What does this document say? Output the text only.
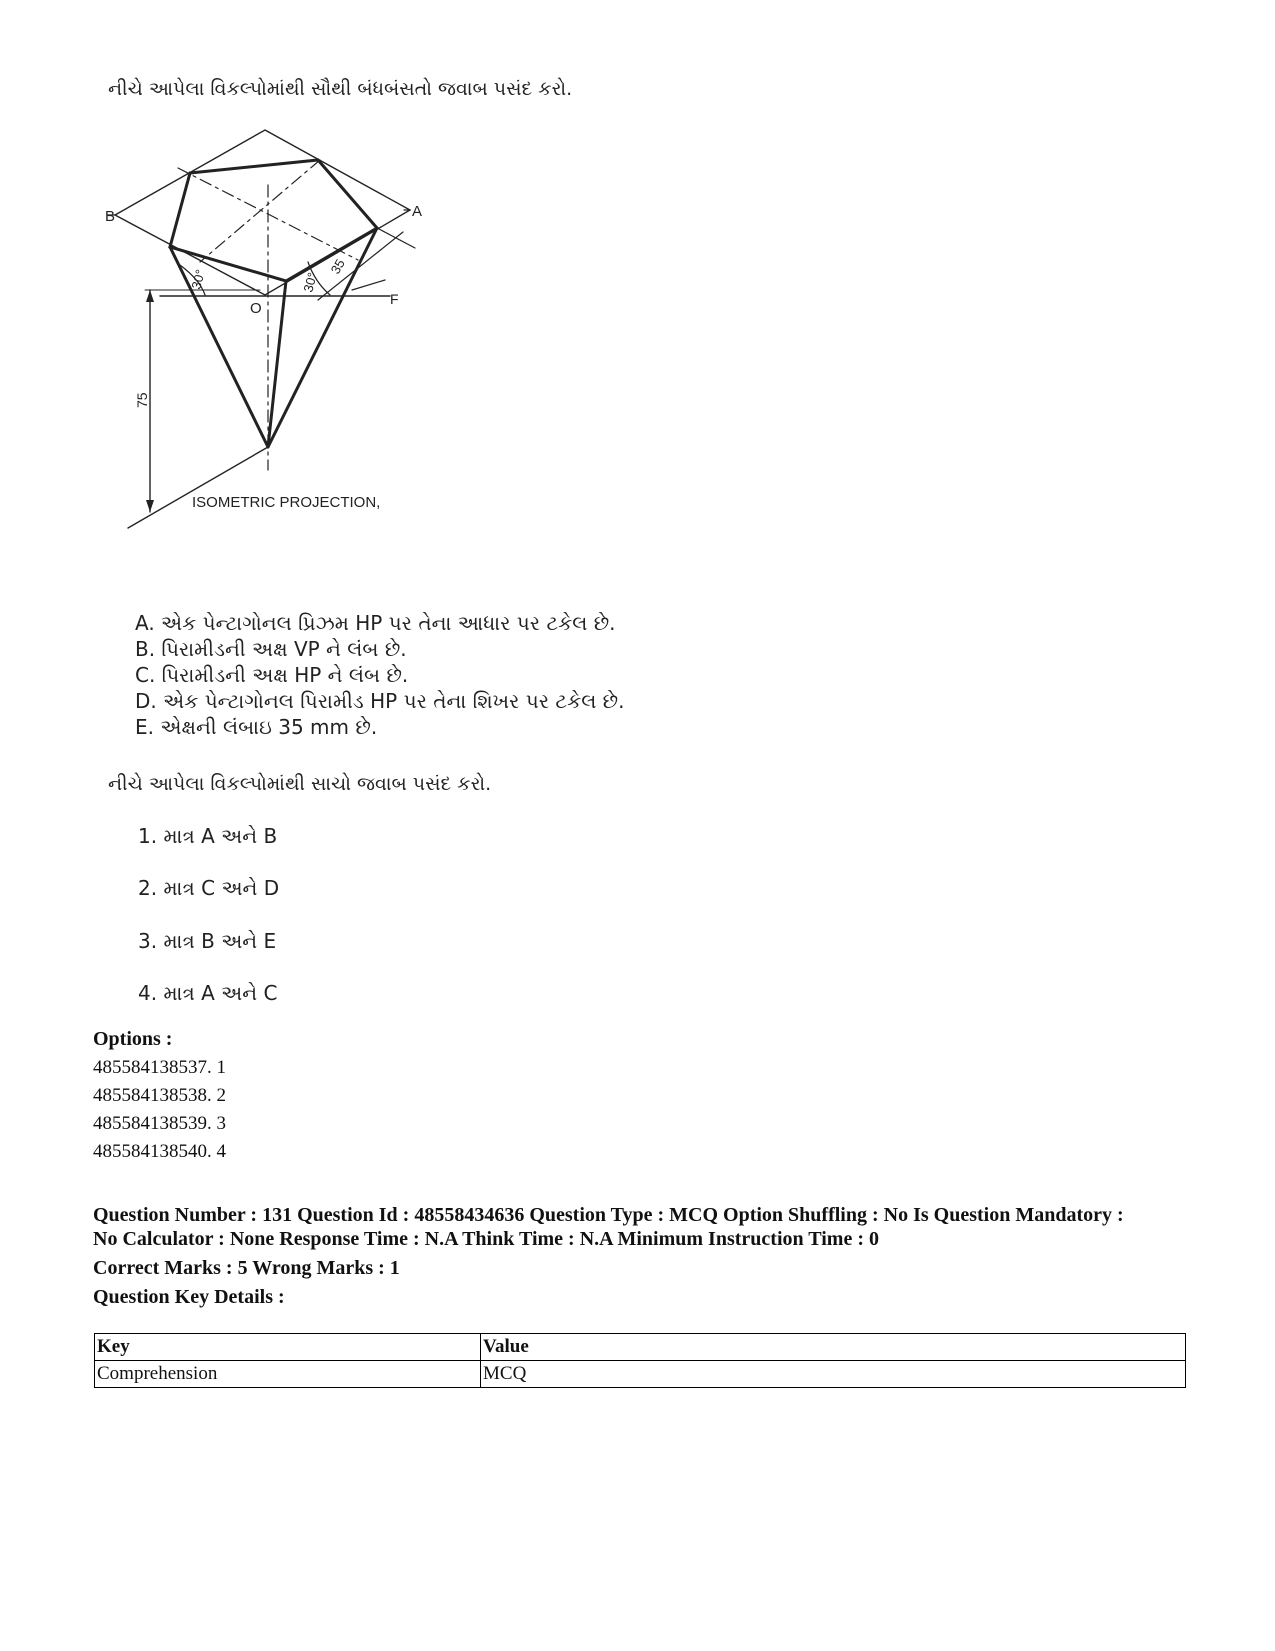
નીચે આપેલા વિકલ્પોમાંથી સૌથી બંધબંસતો જવાબ પસંદ કરો.
B	A
F
O
30°	30°
35
75
ISOMETRIC PROJECTION,
A. એક પેન્ટાગોનલ પ્રિઝમ HP પર તેના આધાર પર ટકેલ છે.
B. પિરામીડની અક્ષ VP ને લંબ છે.
C. પિરામીડની અક્ષ HP ને લંબ છે.
D. એક પેન્ટાગોનલ પિરામીડ HP પર તેના શિખર પર ટકેલ છે.
E. એક્ષની લંબાઇ 35 mm છે.
નીચે આપેલા વિકલ્પોમાંથી સાચો જવાબ પસંદ કરો.
1. માત્ર A અને B
2. માત્ર C અને D
3. માત્ર B અને E
4. માત્ર A અને C
Options :
485584138537. 1
485584138538. 2
485584138539. 3
485584138540. 4
Question Number : 131 Question Id : 48558434636 Question Type : MCQ Option Shuffling : No Is Question Mandatory :
No Calculator : None Response Time : N.A Think Time : N.A Minimum Instruction Time : 0
Correct Marks : 5 Wrong Marks : 1
Question Key Details :
Key	Value
Comprehension	MCQ
